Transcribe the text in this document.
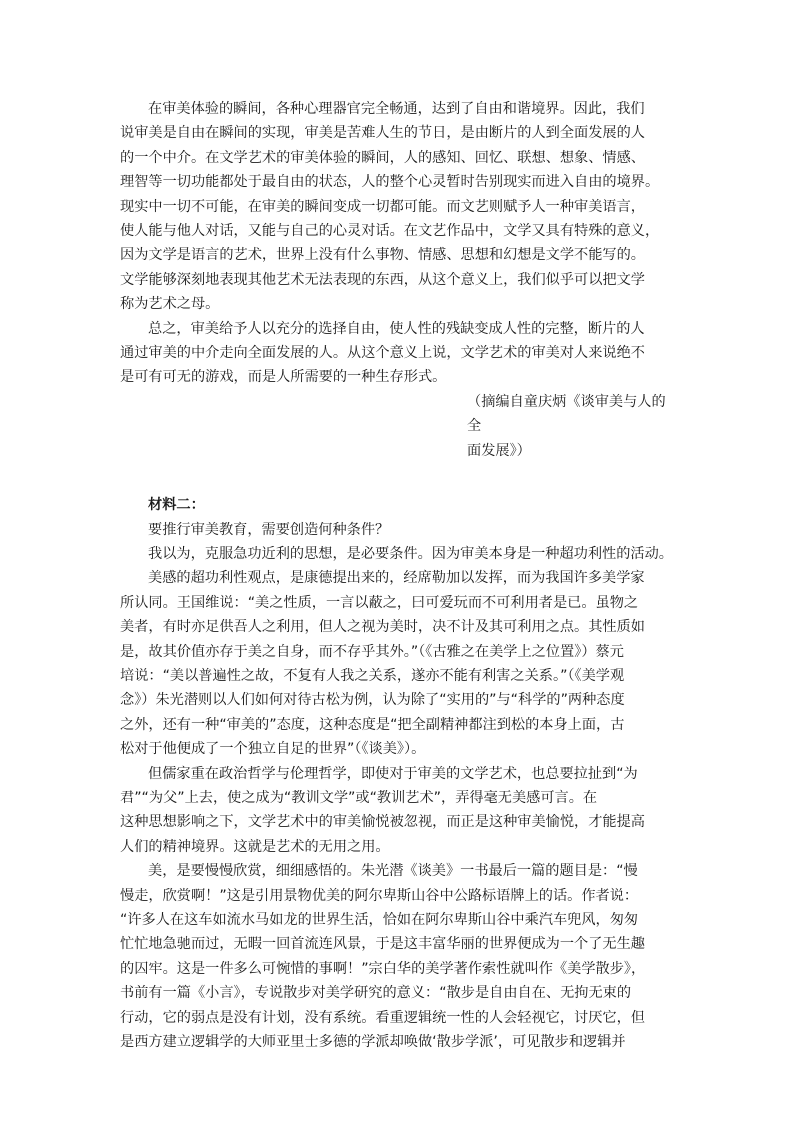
在审美体验的瞬间，各种心理器官完全畅通，达到了自由和谐境界。因此，我们
说审美是自由在瞬间的实现，审美是苦难人生的节日，是由断片的人到全面发展的人
的一个中介。在文学艺术的审美体验的瞬间，人的感知、回忆、联想、想象、情感、
理智等一切功能都处于最自由的状态，人的整个心灵暂时告别现实而进入自由的境界。
现实中一切不可能，在审美的瞬间变成一切都可能。而文艺则赋予人一种审美语言，
使人能与他人对话，又能与自己的心灵对话。在文艺作品中，文学又具有特殊的意义，
因为文学是语言的艺术，世界上没有什么事物、情感、思想和幻想是文学不能写的。
文学能够深刻地表现其他艺术无法表现的东西，从这个意义上，我们似乎可以把文学
称为艺术之母。
总之，审美给予人以充分的选择自由，使人性的残缺变成人性的完整，断片的人
通过审美的中介走向全面发展的人。从这个意义上说，文学艺术的审美对人来说绝不
是可有可无的游戏，而是人所需要的一种生存形式。
（摘编自童庆炳《谈审美与人的全
面发展》）
材料二：
要推行审美教育，需要创造何种条件？
我以为，克服急功近利的思想，是必要条件。因为审美本身是一种超功利性的活动。
美感的超功利性观点，是康德提出来的，经席勒加以发挥，而为我国许多美学家
所认同。王国维说：“美之性质，一言以蔽之，曰可爱玩而不可利用者是已。虽物之
美者，有时亦足供吾人之利用，但人之视为美时，决不计及其可利用之点。其性质如
是，故其价值亦存于美之自身，而不存乎其外。”（《古雅之在美学上之位置》）蔡元
培说：“美以普遍性之故，不复有人我之关系，遂亦不能有利害之关系。”（《美学观
念》）朱光潜则以人们如何对待古松为例，认为除了“实用的”与“科学的”两种态度
之外，还有一种“审美的”态度，这种态度是“把全副精神都注到松的本身上面，古
松对于他便成了一个独立自足的世界”（《谈美》）。
但儒家重在政治哲学与伦理哲学，即使对于审美的文学艺术，也总要拉扯到“为
君”“为父”上去，使之成为“教训文学”或“教训艺术”，弄得毫无美感可言。在
这种思想影响之下，文学艺术中的审美愉悦被忽视，而正是这种审美愉悦，才能提高
人们的精神境界。这就是艺术的无用之用。
美，是要慢慢欣赏，细细感悟的。朱光潜《谈美》一书最后一篇的题目是：“慢
慢走，欣赏啊！”这是引用景物优美的阿尔卑斯山谷中公路标语牌上的话。作者说：
“许多人在这车如流水马如龙的世界生活，恰如在阿尔卑斯山谷中乘汽车兜风，匆匆
忙忙地急驰而过，无暇一回首流连风景，于是这丰富华丽的世界便成为一个了无生趣
的囚牢。这是一件多么可惋惜的事啊！”宗白华的美学著作索性就叫作《美学散步》，
书前有一篇《小言》，专说散步对美学研究的意义：“散步是自由自在、无拘无束的
行动，它的弱点是没有计划，没有系统。看重逻辑统一性的人会轻视它，讨厌它，但
是西方建立逻辑学的大师亚里士多德的学派却唤做‘散步学派’，可见散步和逻辑并
